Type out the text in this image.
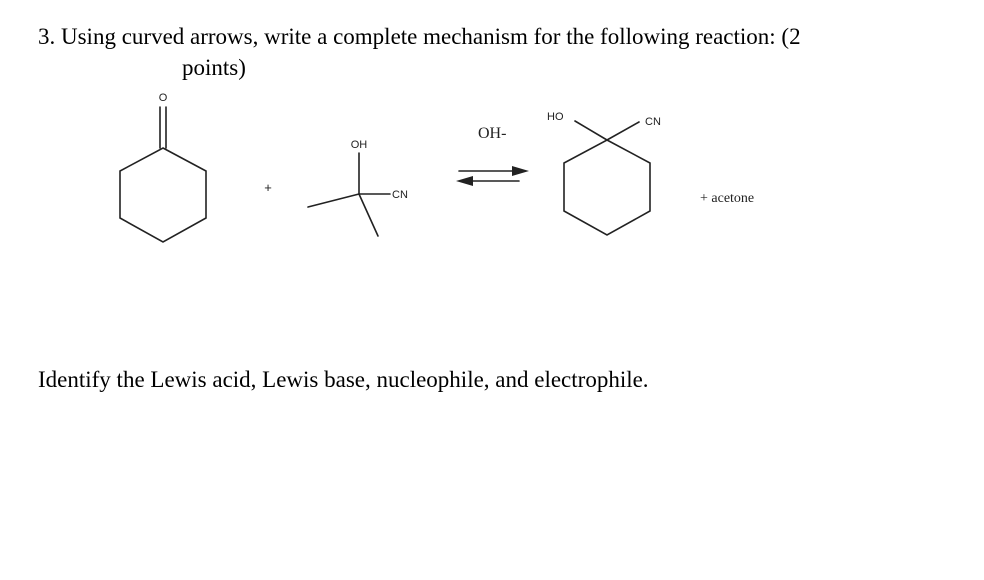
3. Using curved arrows, write a complete mechanism for the following reaction: (2
points)
O
+
OH
CN
OH-
HO	CN
+ acetone
Identify the Lewis acid, Lewis base, nucleophile, and electrophile.
